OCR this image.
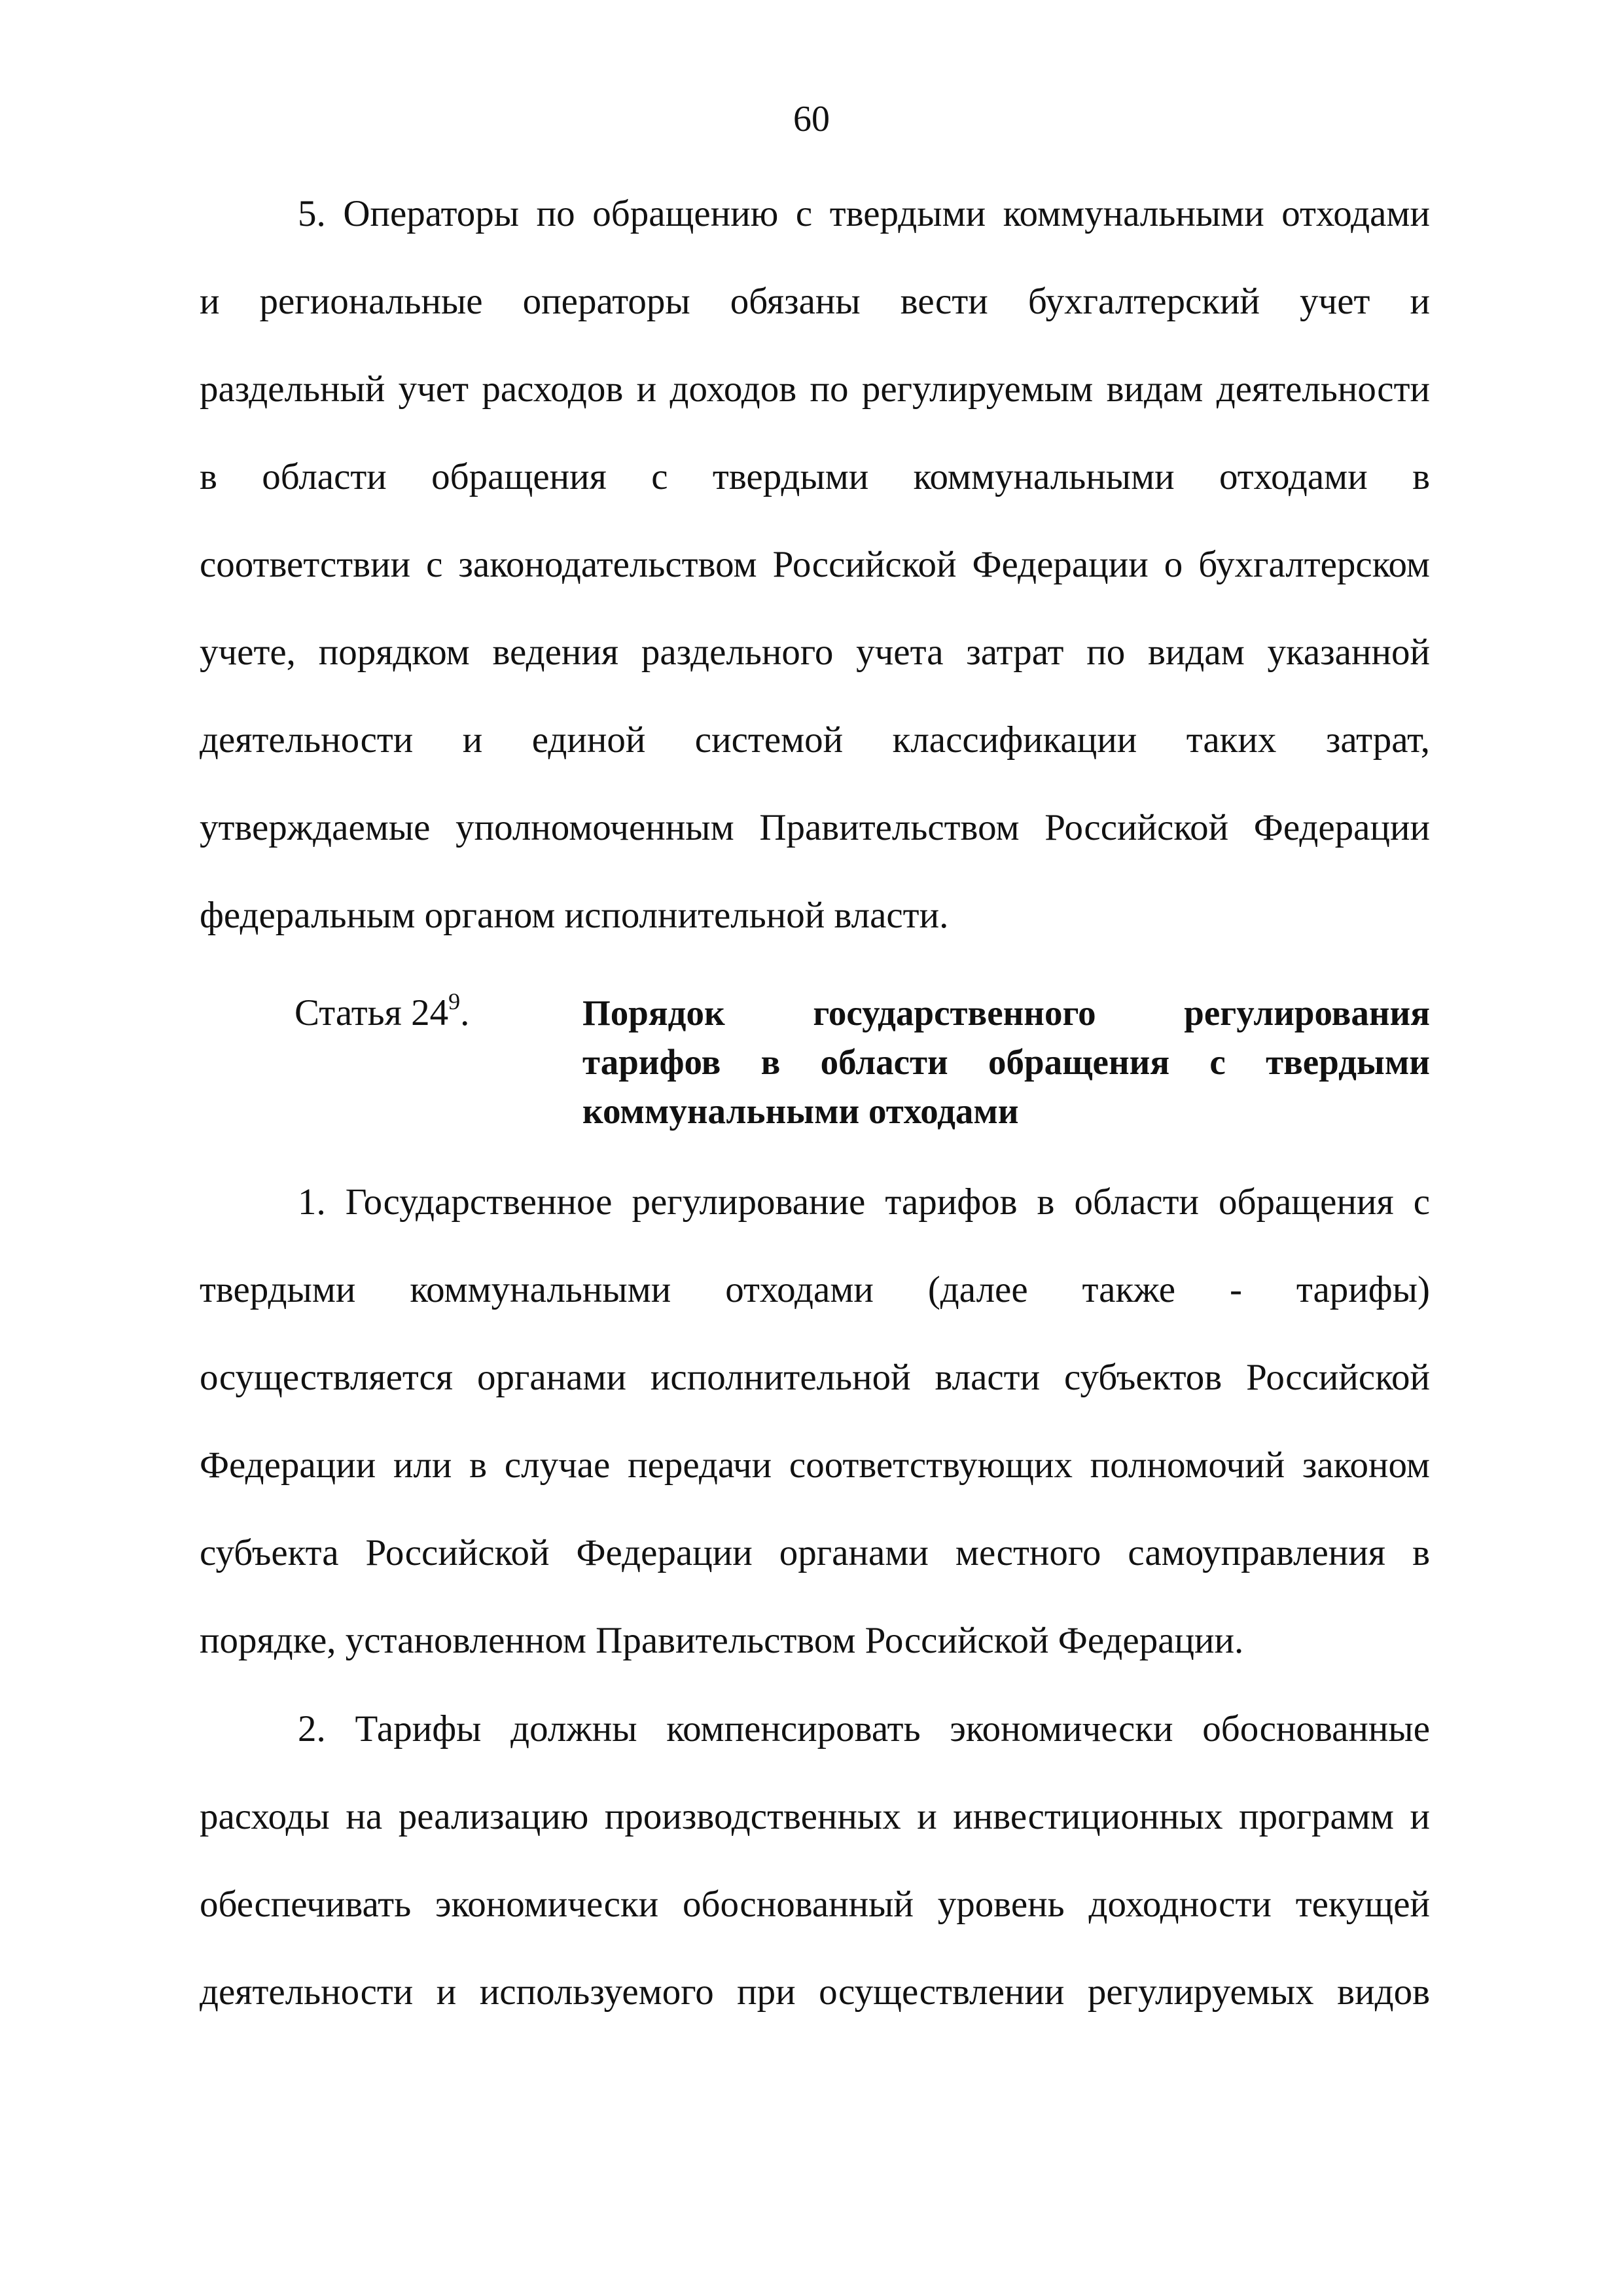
60
5. Операторы по обращению с твердыми коммунальными отходами
и региональные операторы обязаны вести бухгалтерский учет и
раздельный учет расходов и доходов по регулируемым видам деятельности
в области обращения с твердыми коммунальными отходами в
соответствии с законодательством Российской Федерации о бухгалтерском
учете, порядком ведения раздельного учета затрат по видам указанной
деятельности и единой системой классификации таких затрат,
утверждаемые уполномоченным Правительством Российской Федерации
федеральным органом исполнительной власти.
Статья $24^9$.	Порядок государственного регулирования
тарифов в области обращения с твердыми
коммунальными отходами
1. Государственное регулирование тарифов в области обращения с
твердыми коммунальными отходами (далее также - тарифы)
осуществляется органами исполнительной власти субъектов Российской
Федерации или в случае передачи соответствующих полномочий законом
субъекта Российской Федерации органами местного самоуправления в
порядке, установленном Правительством Российской Федерации.
2. Тарифы должны компенсировать экономически обоснованные
расходы на реализацию производственных и инвестиционных программ и
обеспечивать экономически обоснованный уровень доходности текущей
деятельности и используемого при осуществлении регулируемых видов
